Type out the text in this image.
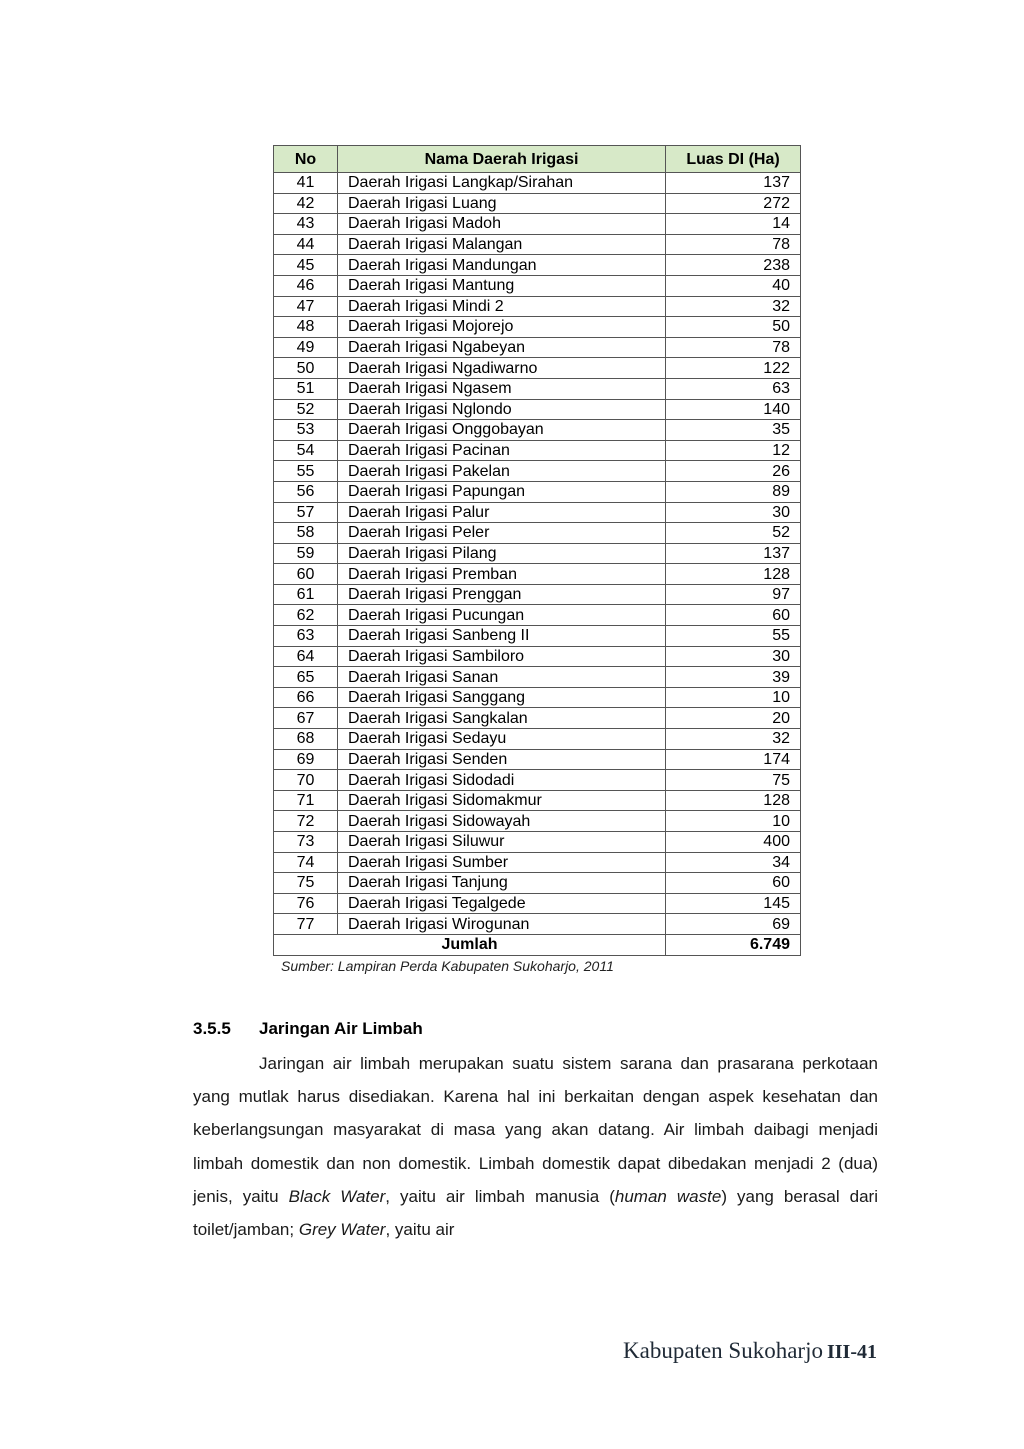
No	Nama Daerah Irigasi	Luas DI (Ha)
41	Daerah Irigasi Langkap/Sirahan	137
42	Daerah Irigasi Luang	272
43	Daerah Irigasi Madoh	14
44	Daerah Irigasi Malangan	78
45	Daerah Irigasi Mandungan	238
46	Daerah Irigasi Mantung	40
47	Daerah Irigasi Mindi 2	32
48	Daerah Irigasi Mojorejo	50
49	Daerah Irigasi Ngabeyan	78
50	Daerah Irigasi Ngadiwarno	122
51	Daerah Irigasi Ngasem	63
52	Daerah Irigasi Nglondo	140
53	Daerah Irigasi Onggobayan	35
54	Daerah Irigasi Pacinan	12
55	Daerah Irigasi Pakelan	26
56	Daerah Irigasi Papungan	89
57	Daerah Irigasi Palur	30
58	Daerah Irigasi Peler	52
59	Daerah Irigasi Pilang	137
60	Daerah Irigasi Premban	128
61	Daerah Irigasi Prenggan	97
62	Daerah Irigasi Pucungan	60
63	Daerah Irigasi Sanbeng II	55
64	Daerah Irigasi Sambiloro	30
65	Daerah Irigasi Sanan	39
66	Daerah Irigasi Sanggang	10
67	Daerah Irigasi Sangkalan	20
68	Daerah Irigasi Sedayu	32
69	Daerah Irigasi Senden	174
70	Daerah Irigasi Sidodadi	75
71	Daerah Irigasi Sidomakmur	128
72	Daerah Irigasi Sidowayah	10
73	Daerah Irigasi Siluwur	400
74	Daerah Irigasi Sumber	34
75	Daerah Irigasi Tanjung	60
76	Daerah Irigasi Tegalgede	145
77	Daerah Irigasi Wirogunan	69
Jumlah		6.749
Sumber: Lampiran Perda Kabupaten Sukoharjo, 2011
3.5.5	Jaringan Air Limbah

Jaringan air limbah merupakan suatu sistem sarana dan prasarana perkotaan yang mutlak harus disediakan. Karena hal ini berkaitan dengan aspek kesehatan dan keberlangsungan masyarakat di masa yang akan datang. Air limbah daibagi menjadi limbah domestik dan non domestik. Limbah domestik dapat dibedakan menjadi 2 (dua) jenis, yaitu Black Water, yaitu air limbah manusia (human waste) yang berasal dari toilet/jamban; Grey Water, yaitu air

Kabupaten Sukoharjo III-41
